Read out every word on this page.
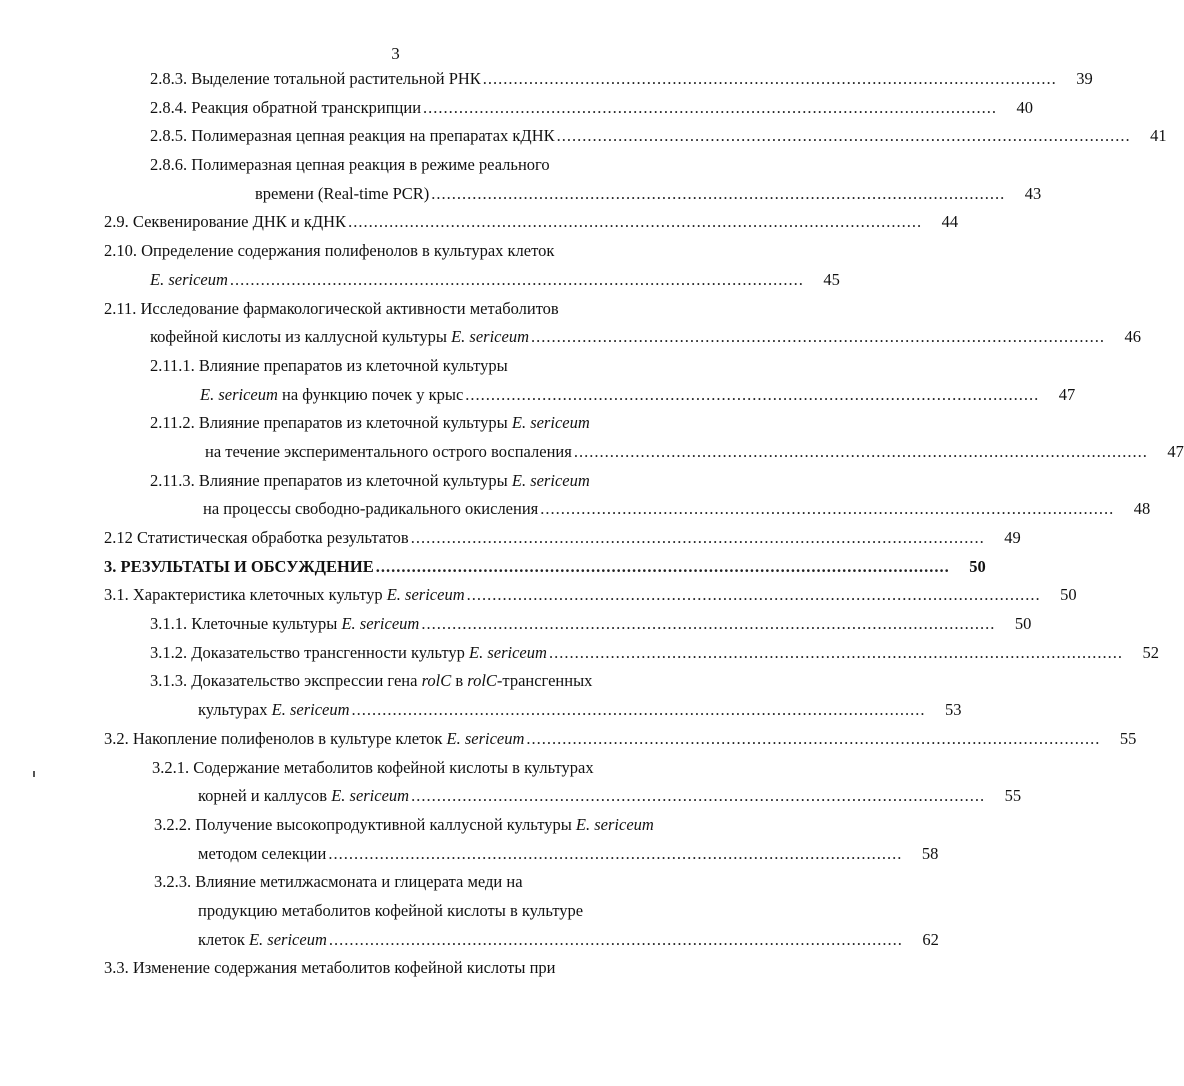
3
2.8.3. Выделение тотальной растительной РНК ................................................................................................................	39
2.8.4. Реакция обратной транскрипции ................................................................................................................	40
2.8.5. Полимеразная цепная реакция на препаратах кДНК ................................................................................................................	41
2.8.6. Полимеразная цепная реакция в режиме реального
времени (Real-time PCR) ................................................................................................................	43
2.9. Секвенирование ДНК и кДНК ................................................................................................................	44
2.10. Определение содержания полифенолов в культурах клеток
E. sericeum ................................................................................................................	45
2.11. Исследование фармакологической активности метаболитов
кофейной кислоты из каллусной культуры E. sericeum ................................................................................................................	46
2.11.1. Влияние препаратов из клеточной культуры
E. sericeum на функцию почек у крыс ................................................................................................................	47
2.11.2. Влияние препаратов из клеточной культуры E. sericeum
на течение экспериментального острого воспаления ................................................................................................................	47
2.11.3. Влияние препаратов из клеточной культуры E. sericeum
на процессы свободно-радикального окисления ................................................................................................................	48
2.12 Статистическая обработка результатов ................................................................................................................	49
3. РЕЗУЛЬТАТЫ И ОБСУЖДЕНИЕ ................................................................................................................	50
3.1. Характеристика клеточных культур E. sericeum ................................................................................................................	50
3.1.1. Клеточные культуры E. sericeum ................................................................................................................	50
3.1.2. Доказательство трансгенности культур E. sericeum ................................................................................................................	52
3.1.3. Доказательство экспрессии гена rolC в rolC-трансгенных
культурах E. sericeum ................................................................................................................	53
3.2. Накопление полифенолов в культуре клеток E. sericeum ................................................................................................................	55
3.2.1. Содержание метаболитов кофейной кислоты в культурах
корней и каллусов E. sericeum ................................................................................................................	55
3.2.2. Получение высокопродуктивной каллусной культуры E. sericeum
методом селекции ................................................................................................................	58
3.2.3. Влияние метилжасмоната и глицерата меди на
продукцию метаболитов кофейной кислоты в культуре
клеток E. sericeum ................................................................................................................	62
3.3. Изменение содержания метаболитов кофейной кислоты при
